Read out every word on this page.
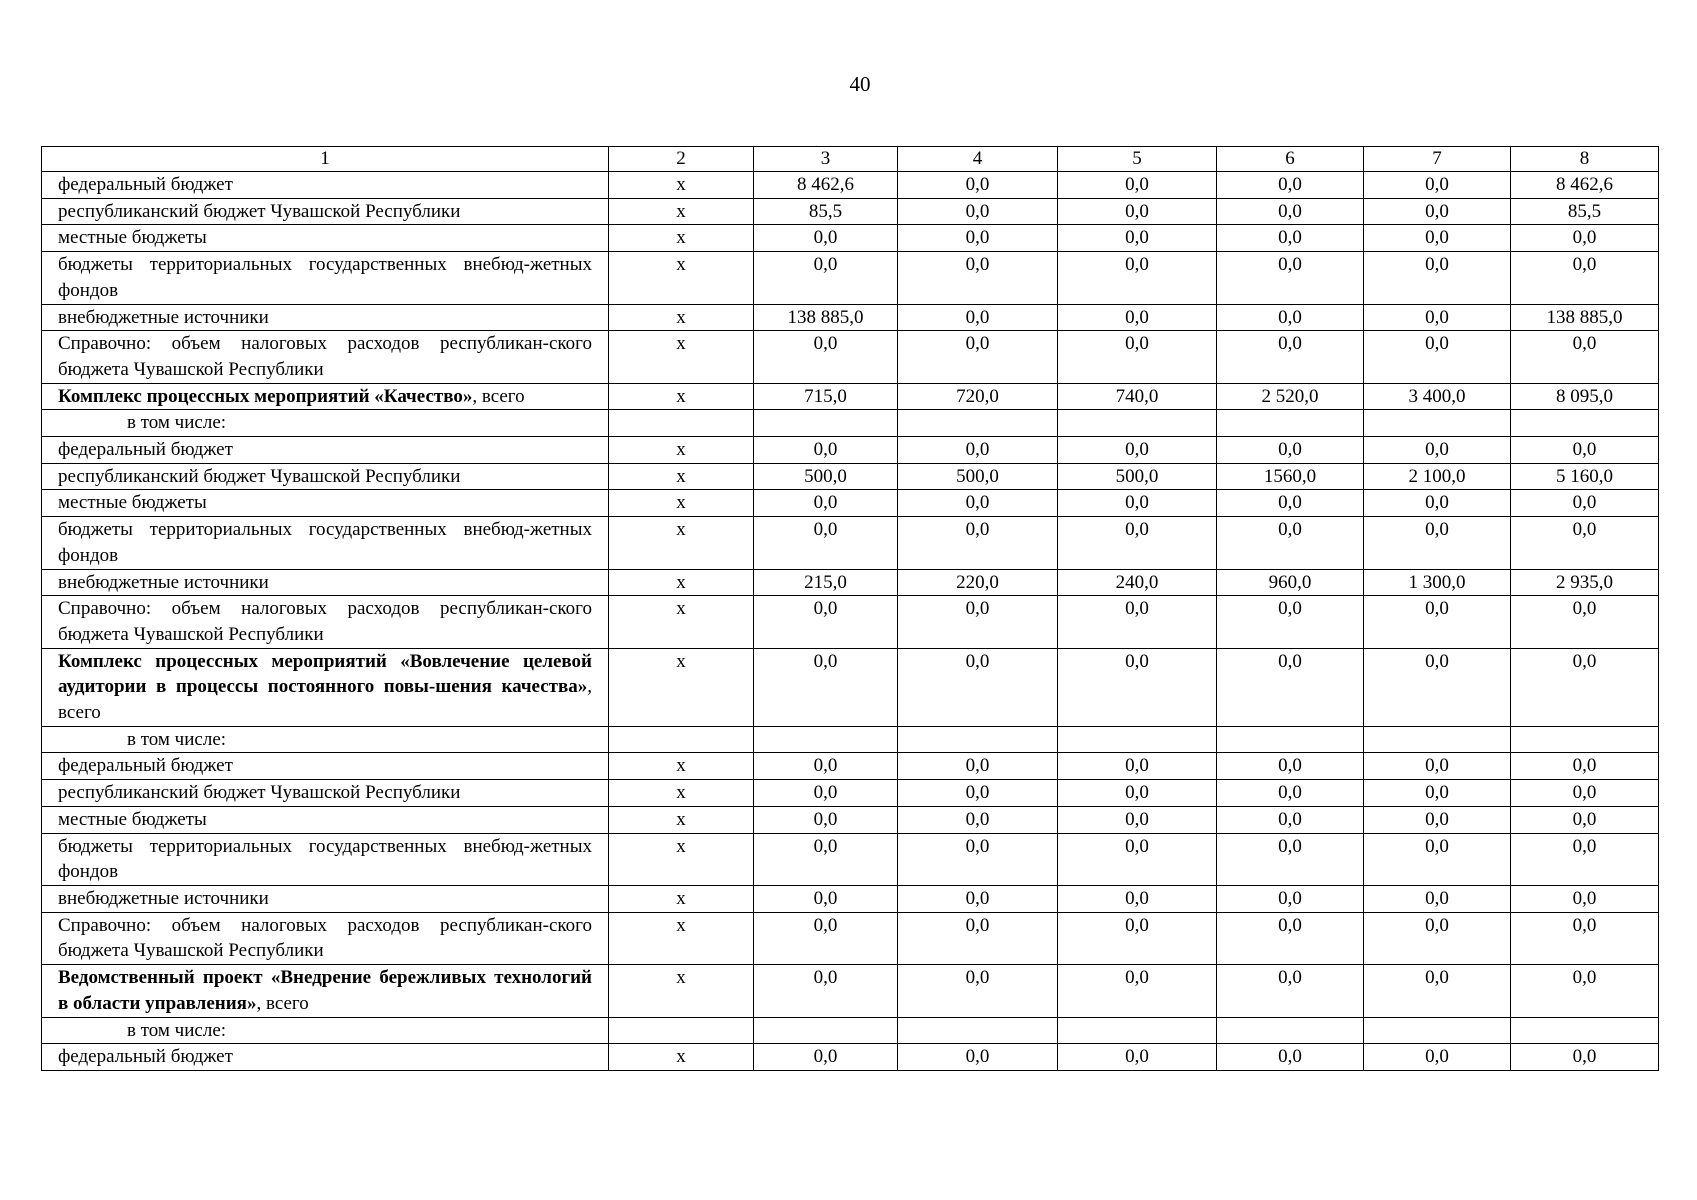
40
1	2	3	4	5	6	7	8
федеральный бюджет	x	8 462,6	0,0	0,0	0,0	0,0	8 462,6
республиканский бюджет Чувашской Республики	x	85,5	0,0	0,0	0,0	0,0	85,5
местные бюджеты	x	0,0	0,0	0,0	0,0	0,0	0,0
бюджеты территориальных государственных внебюд-жетных фондов	x	0,0	0,0	0,0	0,0	0,0	0,0
внебюджетные источники	x	138 885,0	0,0	0,0	0,0	0,0	138 885,0
Справочно: объем налоговых расходов республикан-ского бюджета Чувашской Республики	x	0,0	0,0	0,0	0,0	0,0	0,0
Комплекс процессных мероприятий «Качество», всего	x	715,0	720,0	740,0	2 520,0	3 400,0	8 095,0
в том числе:							
федеральный бюджет	x	0,0	0,0	0,0	0,0	0,0	0,0
республиканский бюджет Чувашской Республики	x	500,0	500,0	500,0	1560,0	2 100,0	5 160,0
местные бюджеты	x	0,0	0,0	0,0	0,0	0,0	0,0
бюджеты территориальных государственных внебюд-жетных фондов	x	0,0	0,0	0,0	0,0	0,0	0,0
внебюджетные источники	x	215,0	220,0	240,0	960,0	1 300,0	2 935,0
Справочно: объем налоговых расходов республикан-ского бюджета Чувашской Республики	x	0,0	0,0	0,0	0,0	0,0	0,0
Комплекс процессных мероприятий «Вовлечение целевой аудитории в процессы постоянного повы-шения качества», всего	x	0,0	0,0	0,0	0,0	0,0	0,0
в том числе:							
федеральный бюджет	x	0,0	0,0	0,0	0,0	0,0	0,0
республиканский бюджет Чувашской Республики	x	0,0	0,0	0,0	0,0	0,0	0,0
местные бюджеты	x	0,0	0,0	0,0	0,0	0,0	0,0
бюджеты территориальных государственных внебюд-жетных фондов	x	0,0	0,0	0,0	0,0	0,0	0,0
внебюджетные источники	x	0,0	0,0	0,0	0,0	0,0	0,0
Справочно: объем налоговых расходов республикан-ского бюджета Чувашской Республики	x	0,0	0,0	0,0	0,0	0,0	0,0
Ведомственный проект «Внедрение бережливых технологий в области управления», всего	x	0,0	0,0	0,0	0,0	0,0	0,0
в том числе:							
федеральный бюджет	x	0,0	0,0	0,0	0,0	0,0	0,0
